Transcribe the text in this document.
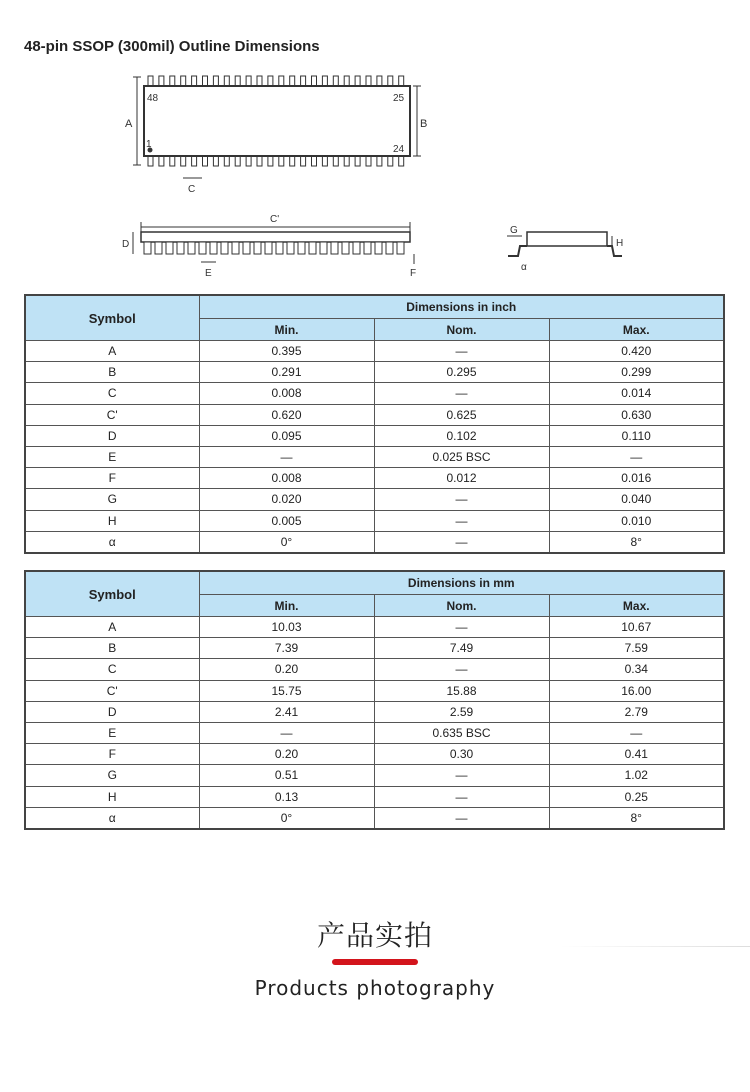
48-pin SSOP (300mil) Outline Dimensions
48	25
1	24
A	B
C
C'
D
E	F
G
H
α
Symbol	Dimensions in inch		
	Min.	Nom.	Max.
A	0.395	—	0.420
B	0.291	0.295	0.299
C	0.008	—	0.014
C'	0.620	0.625	0.630
D	0.095	0.102	0.110
E	—	0.025 BSC	—
F	0.008	0.012	0.016
G	0.020	—	0.040
H	0.005	—	0.010
α	0°	—	8°
Symbol	Dimensions in mm		
	Min.	Nom.	Max.
A	10.03	—	10.67
B	7.39	7.49	7.59
C	0.20	—	0.34
C'	15.75	15.88	16.00
D	2.41	2.59	2.79
E	—	0.635 BSC	—
F	0.20	0.30	0.41
G	0.51	—	1.02
H	0.13	—	0.25
α	0°	—	8°
产品实拍
Products photography
